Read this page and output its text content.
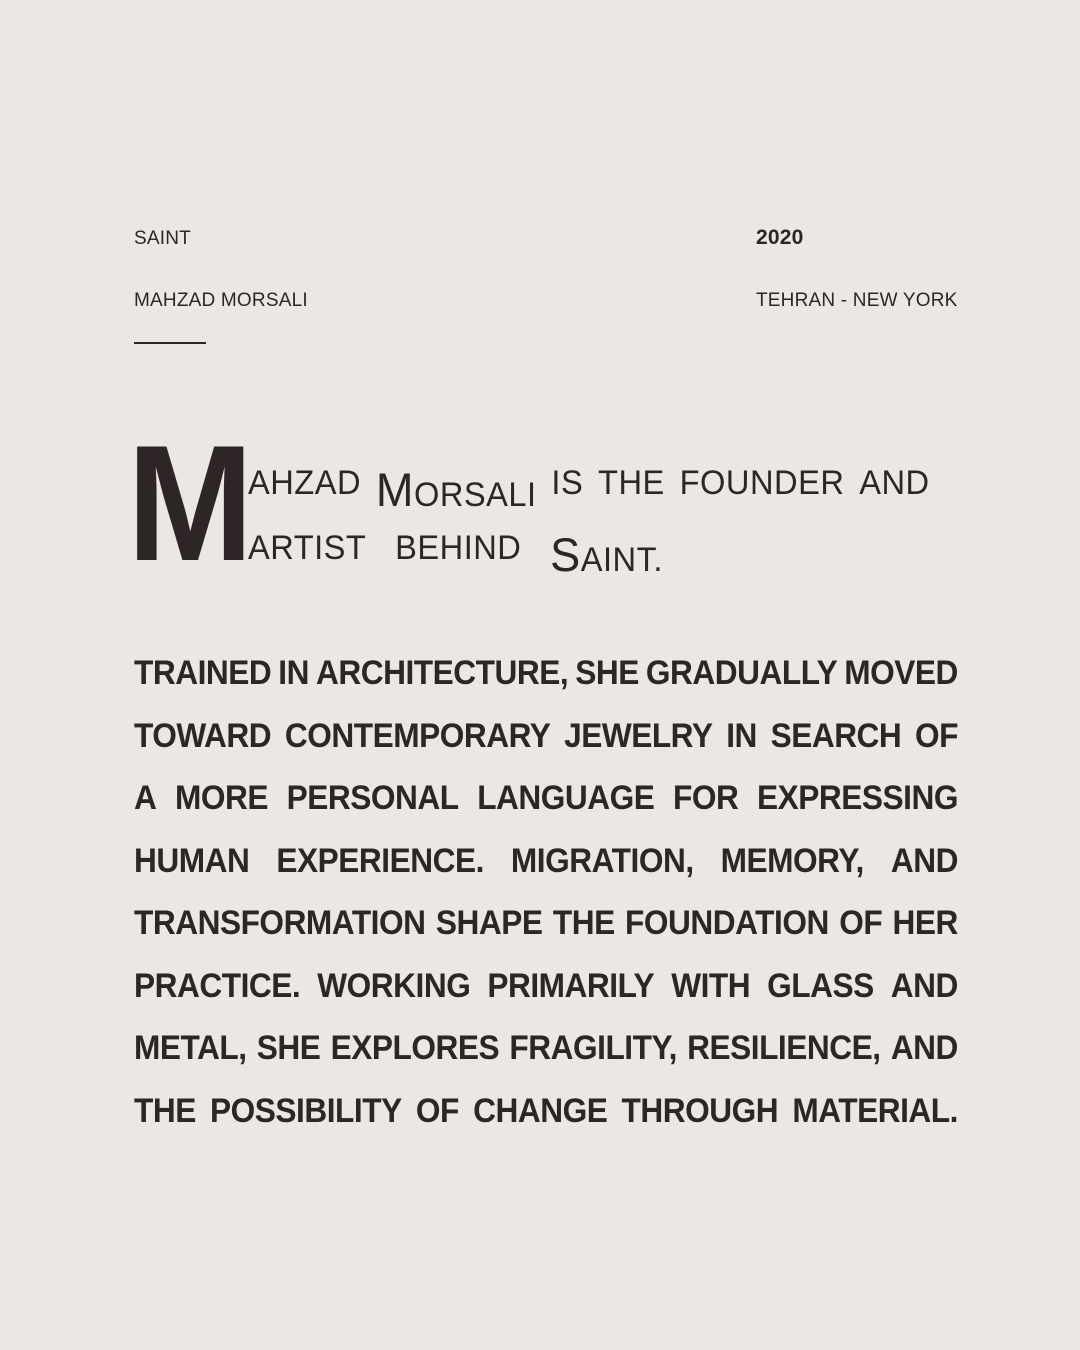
SAINT
MAHZAD MORSALI
2020
TEHRAN - NEW YORK
M
AHZAD MORSALI IS THE FOUNDER AND
ARTIST BEHIND SAINT.
TRAINED IN ARCHITECTURE, SHE GRADUALLY MOVED
TOWARD CONTEMPORARY JEWELRY IN SEARCH OF
A MORE PERSONAL LANGUAGE FOR EXPRESSING
HUMAN EXPERIENCE. MIGRATION, MEMORY, AND
TRANSFORMATION SHAPE THE FOUNDATION OF HER
PRACTICE. WORKING PRIMARILY WITH GLASS AND
METAL, SHE EXPLORES FRAGILITY, RESILIENCE, AND
THE POSSIBILITY OF CHANGE THROUGH MATERIAL.
